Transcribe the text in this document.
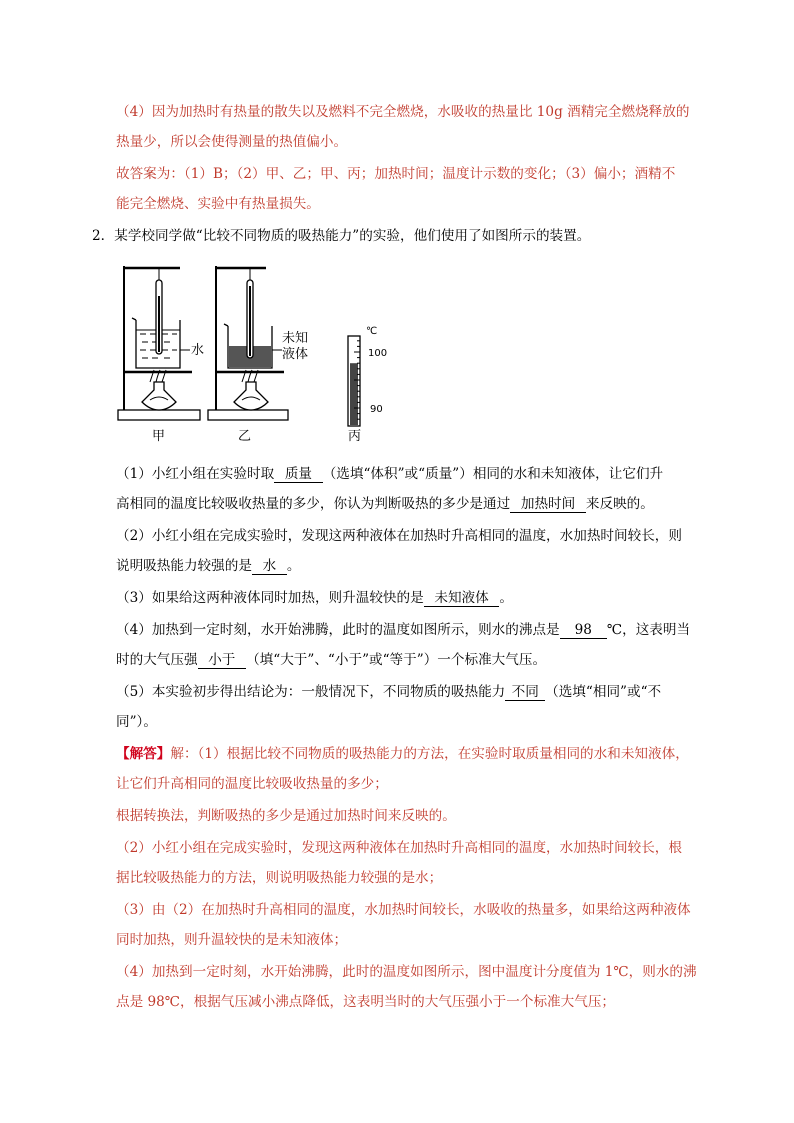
（4）因为加热时有热量的散失以及燃料不完全燃烧，水吸收的热量比 10g 酒精完全燃烧释放的
热量少，所以会使得测量的热值偏小。
故答案为：（1）B；（2）甲、乙；甲、丙；加热时间；温度计示数的变化；（3）偏小；酒精不
能完全燃烧、实验中有热量损失。
2．某学校同学做“比较不同物质的吸热能力”的实验，他们使用了如图所示的装置。
甲
水
乙
未知
液体
℃
100
90
丙
（1）小红小组在实验时取 质量 （选填“体积”或“质量”）相同的水和未知液体，让它们升
高相同的温度比较吸收热量的多少，你认为判断吸热的多少是通过 加热时间 来反映的。
（2）小红小组在完成实验时，发现这两种液体在加热时升高相同的温度，水加热时间较长，则
说明吸热能力较强的是 水 。
（3）如果给这两种液体同时加热，则升温较快的是 未知液体 。
（4）加热到一定时刻，水开始沸腾，此时的温度如图所示，则水的沸点是 98 ℃，这表明当
时的大气压强 小于 （填“大于”、“小于”或“等于”）一个标准大气压。
（5）本实验初步得出结论为：一般情况下，不同物质的吸热能力 不同 （选填“相同”或“不
同”）。
【解答】解：（1）根据比较不同物质的吸热能力的方法，在实验时取质量相同的水和未知液体，
让它们升高相同的温度比较吸收热量的多少；
根据转换法，判断吸热的多少是通过加热时间来反映的。
（2）小红小组在完成实验时，发现这两种液体在加热时升高相同的温度，水加热时间较长，根
据比较吸热能力的方法，则说明吸热能力较强的是水；
（3）由（2）在加热时升高相同的温度，水加热时间较长，水吸收的热量多，如果给这两种液体
同时加热，则升温较快的是未知液体；
（4）加热到一定时刻，水开始沸腾，此时的温度如图所示，图中温度计分度值为 1℃，则水的沸
点是 98℃，根据气压减小沸点降低，这表明当时的大气压强小于一个标准大气压；
